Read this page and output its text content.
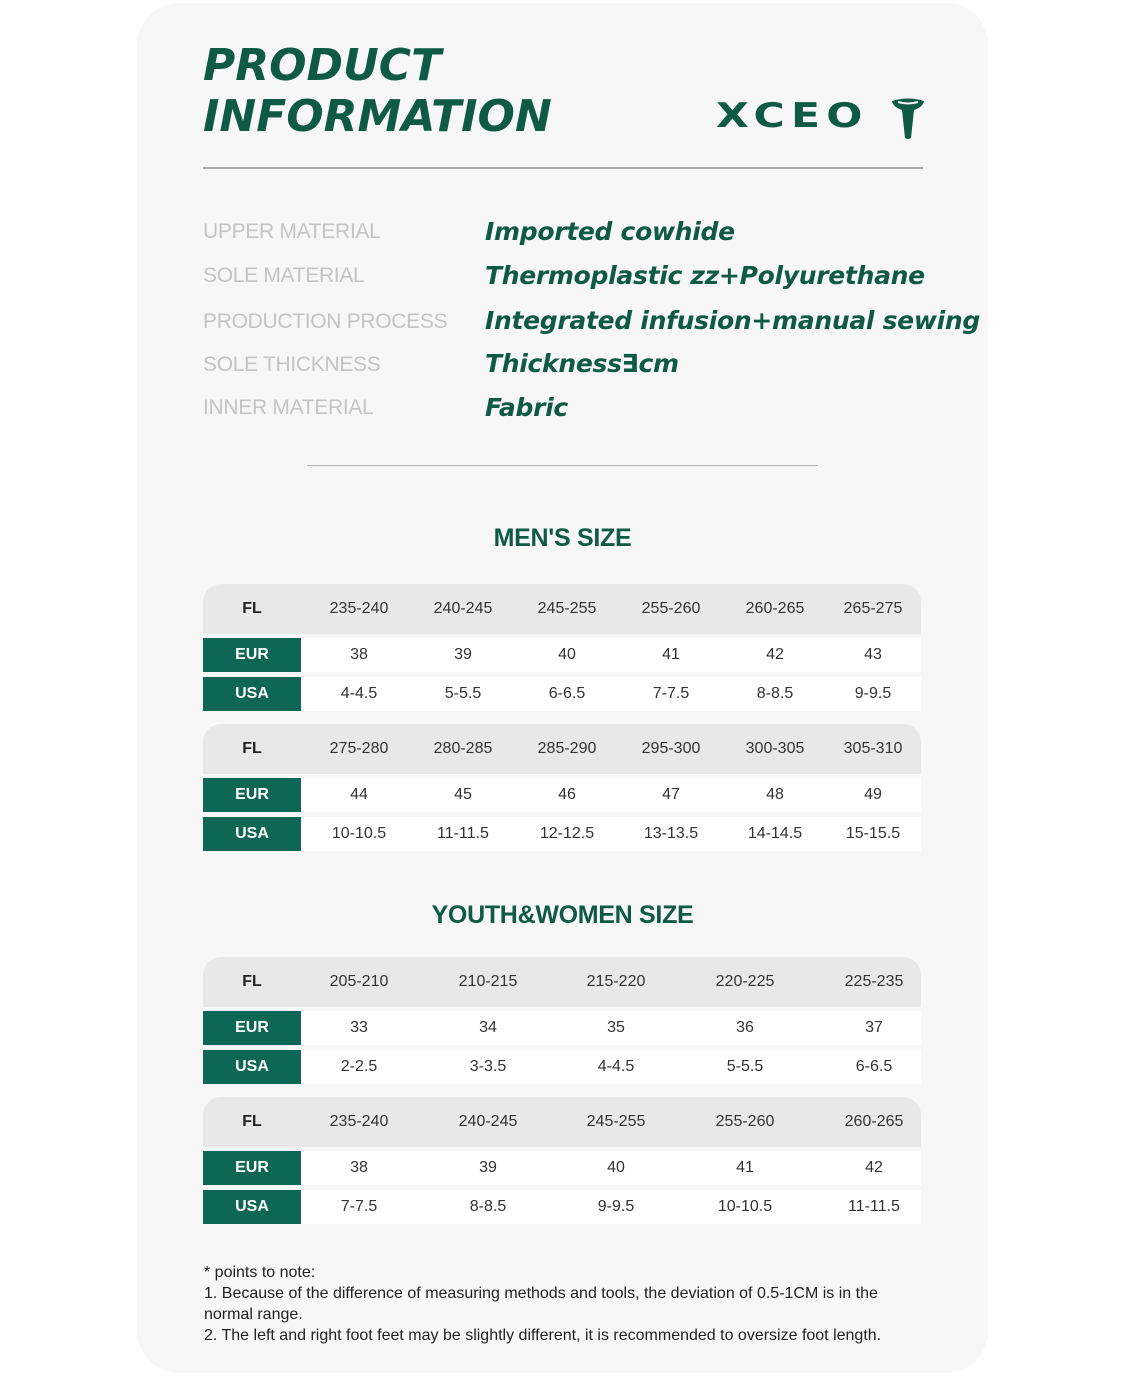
PRODUCT
INFORMATION	XCEO
UPPER MATERIAL	Imported cowhide
SOLE MATERIAL	Thermoplastic zz+Polyurethane
PRODUCTION PROCESS Integrated infusion+manual sewing
SOLE THICKNESS	Thickness∃cm
INNER MATERIAL	Fabric
MEN'S SIZE
FL	235-240	240-245	245-255	255-260	260-265 265-275
EUR	38	39	40	41	42	43
USA	4-4.5	5-5.5	6-6.5	7-7.5	8-8.5	9-9.5
FL	275-280	280-285	285-290	295-300	300-305 305-310
EUR	44	45	46	47	48	49
USA	10-10.5	11-11.5	12-12.5	13-13.5	14-14.5	15-15.5
YOUTH&WOMEN SIZE
FL	205-210	210-215	215-220	220-225	225-235
EUR	33	34	35	36	37
USA	2-2.5	3-3.5	4-4.5	5-5.5	6-6.5
FL	235-240	240-245	245-255	255-260	260-265
EUR	38	39	40	41	42
USA	7-7.5	8-8.5	9-9.5	10-10.5	11-11.5
* points to note:
1. Because of the difference of measuring methods and tools, the deviation of 0.5-1CM is in the normal range.
2. The left and right foot feet may be slightly different, it is recommended to oversize foot length.
